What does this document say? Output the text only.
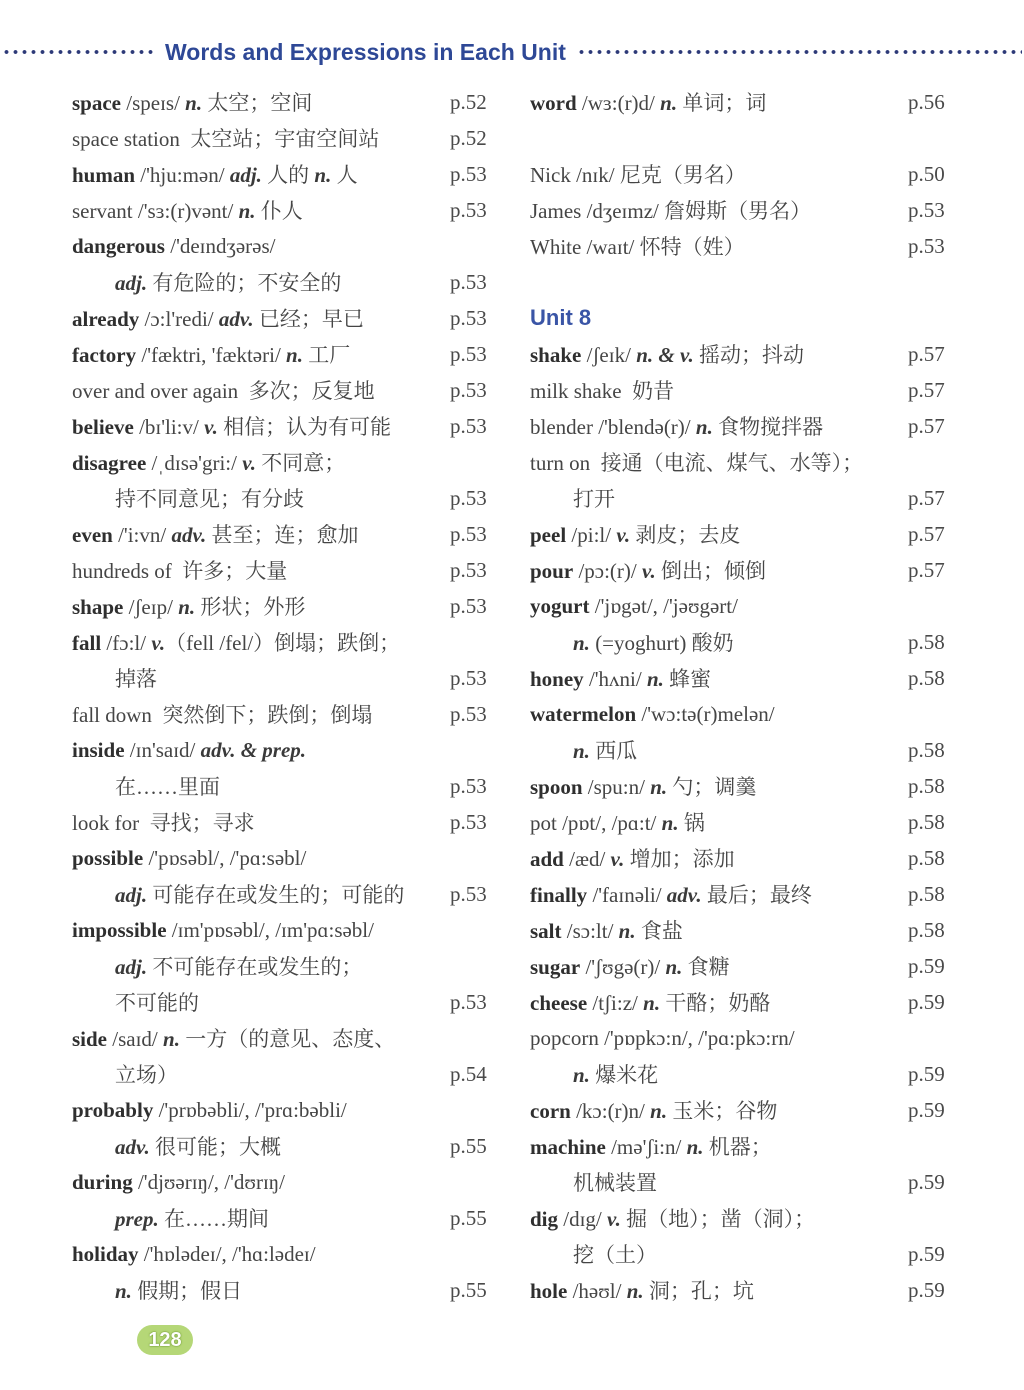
Words and Expressions in Each Unit
space /speɪs/ n. 太空；空间	p.52
space station  太空站；宇宙空间站	p.52
human /'hju:mən/ adj. 人的 n. 人	p.53
servant /'sɜ:(r)vənt/ n. 仆人	p.53
dangerous /'deɪndʒərəs/
adj. 有危险的；不安全的	p.53
already /ɔ:l'redi/ adv. 已经；早已	p.53
factory /'fæktri, 'fæktəri/ n. 工厂	p.53
over and over again  多次；反复地	p.53
believe /bɪ'li:v/ v. 相信；认为有可能	p.53
disagree /ˌdɪsə'gri:/ v. 不同意；
持不同意见；有分歧	p.53
even /'i:vn/ adv. 甚至；连；愈加	p.53
hundreds of  许多；大量	p.53
shape /ʃeɪp/ n. 形状；外形	p.53
fall /fɔ:l/ v.（fell /fel/）倒塌；跌倒；
掉落	p.53
fall down  突然倒下；跌倒；倒塌	p.53
inside /ɪn'saɪd/ adv. & prep.
在……里面	p.53
look for  寻找；寻求	p.53
possible /'pɒsəbl/, /'pɑ:səbl/
adj. 可能存在或发生的；可能的 p.53
impossible /ɪm'pɒsəbl/, /ɪm'pɑ:səbl/
adj. 不可能存在或发生的；
不可能的	p.53
side /saɪd/ n. 一方（的意见、态度、
立场）	p.54
probably /'prɒbəbli/, /'prɑ:bəbli/
adv. 很可能；大概	p.55
during /'djʊərɪŋ/, /'dʊrɪŋ/
prep. 在……期间	p.55
holiday /'hɒlədeɪ/, /'hɑ:lədeɪ/
n. 假期；假日	p.55
word /wɜ:(r)d/ n. 单词；词	p.56
Nick /nɪk/ 尼克（男名）	p.50
James /dʒeɪmz/ 詹姆斯（男名）	p.53
White /waɪt/ 怀特（姓）	p.53
Unit 8
shake /ʃeɪk/ n. & v. 摇动；抖动	p.57
milk shake  奶昔	p.57
blender /'blendə(r)/ n. 食物搅拌器	p.57
turn on  接通（电流、煤气、水等）；
打开	p.57
peel /pi:l/ v. 剥皮；去皮	p.57
pour /pɔ:(r)/ v. 倒出；倾倒	p.57
yogurt /'jɒgət/, /'jəʊgərt/
n. (=yoghurt) 酸奶	p.58
honey /'hʌni/ n. 蜂蜜	p.58
watermelon /'wɔ:tə(r)melən/
n. 西瓜	p.58
spoon /spu:n/ n. 勺；调羹	p.58
pot /pɒt/, /pɑ:t/ n. 锅	p.58
add /æd/ v. 增加；添加	p.58
finally /'faɪnəli/ adv. 最后；最终	p.58
salt /sɔ:lt/ n. 食盐	p.58
sugar /'ʃʊgə(r)/ n. 食糖	p.59
cheese /tʃi:z/ n. 干酪；奶酪	p.59
popcorn /'pɒpkɔ:n/, /'pɑ:pkɔ:rn/
n. 爆米花	p.59
corn /kɔ:(r)n/ n. 玉米；谷物	p.59
machine /mə'ʃi:n/ n. 机器；
机械装置	p.59
dig /dɪg/ v. 掘（地）；凿（洞）；
挖（土）	p.59
hole /həʊl/ n. 洞；孔；坑	p.59
128
